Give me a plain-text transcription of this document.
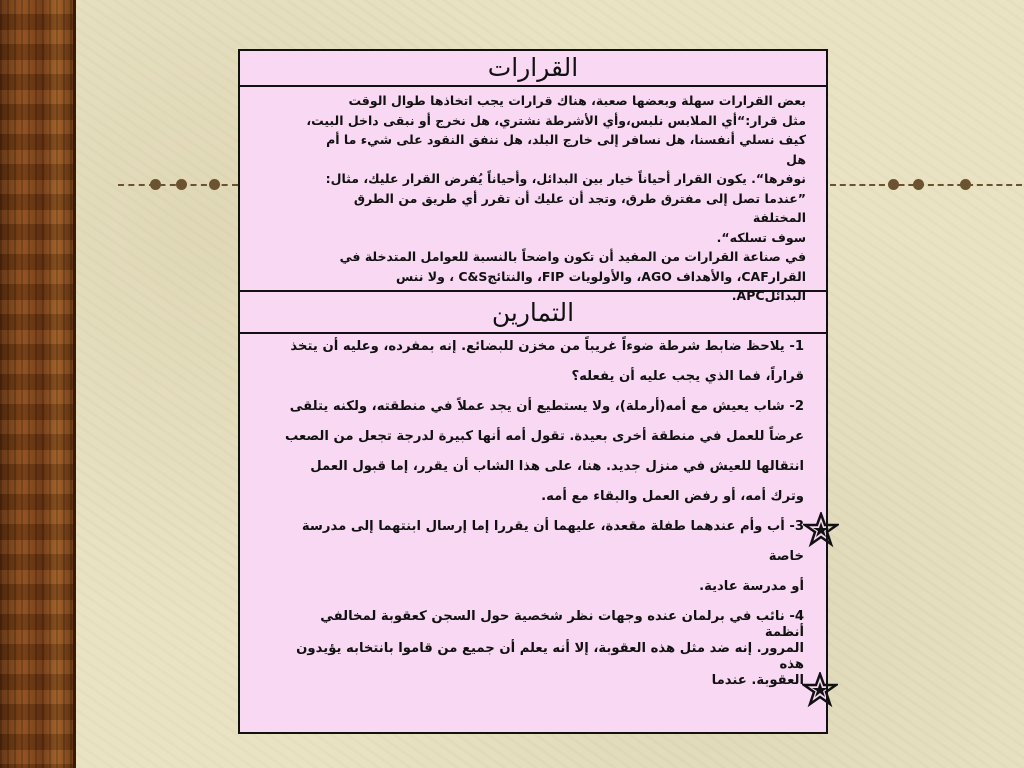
القرارات
بعض القرارات سهلة وبعضها صعبة، هناك قرارات يجب اتخاذها طوال الوقت
مثل قرار:“أي الملابس نلبس،وأي الأشرطة نشتري، هل نخرج أو نبقى داخل البيت،
كيف نسلي أنفسنا، هل نسافر إلى خارج البلد، هل ننفق النقود على شيء ما أم هل
نوفرها“. يكون القرار أحياناً خيار بين البدائل، وأحياناً يُفرض القرار عليك، مثال:
”عندما تصل إلى مفترق طرق، وتجد أن عليك أن تقرر أي طريق من الطرق المختلفة
سوف تسلكه“.
في صناعة القرارات من المفيد أن تكون واضحاً بالنسبة للعوامل المتدخلة في
القرارCAF، والأهداف AGO، والأولويات FIP، والنتائجC&S ، ولا ننس
البدائلAPC.
التمارين
1- يلاحظ ضابط شرطة ضوءاً غريباً من مخزن للبضائع. إنه بمفرده، وعليه أن يتخذ
قراراً، فما الذي يجب عليه أن يفعله؟
2- شاب يعيش مع أمه(أرملة)، ولا يستطيع أن يجد عملاً في منطقته، ولكنه يتلقى
عرضاً للعمل في منطقة أخرى بعيدة. تقول أمه أنها كبيرة لدرجة تجعل من الصعب
انتقالها للعيش في منزل جديد. هنا، على هذا الشاب أن يقرر، إما قبول العمل
وترك أمه، أو رفض العمل والبقاء مع أمه.
3- أب وأم عندهما طفلة مقعدة، عليهما أن يقررا إما إرسال ابنتهما إلى مدرسة خاصة
أو مدرسة عادية.
4- نائب في برلمان عنده وجهات نظر شخصية حول السجن كعقوبة لمخالفي أنظمة
المرور. إنه ضد مثل هذه العقوبة، إلا أنه يعلم أن جميع من قاموا بانتخابه يؤيدون هذه
العقوبة. عندما
